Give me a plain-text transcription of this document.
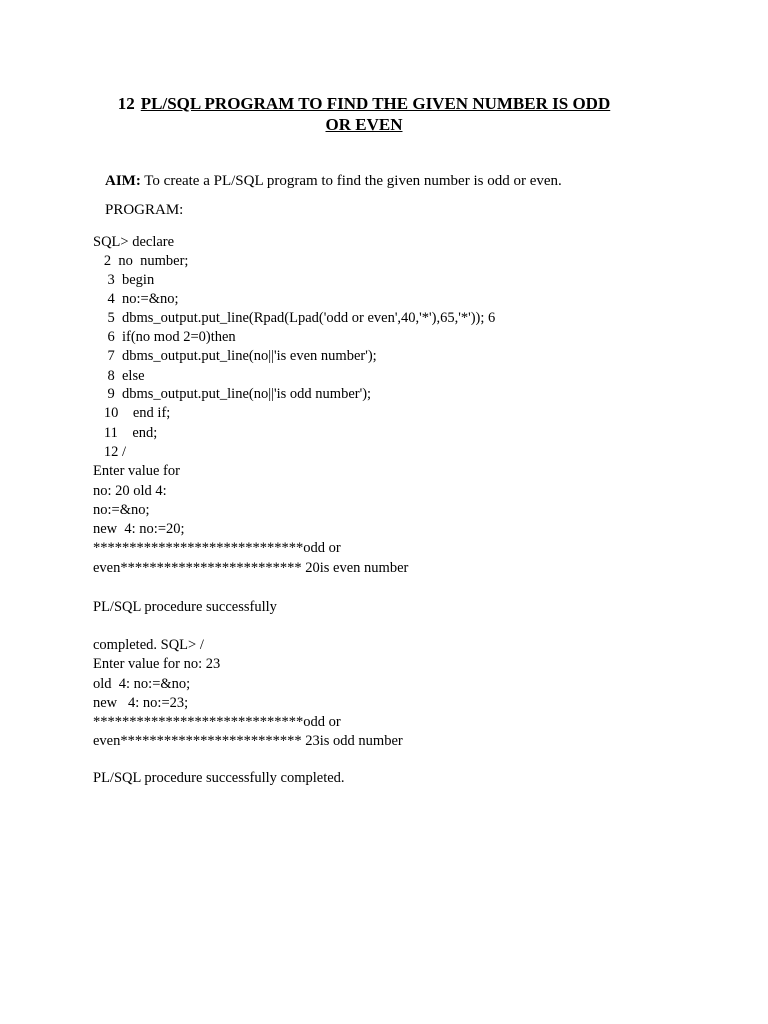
12 PL/SQL PROGRAM TO FIND THE GIVEN NUMBER IS ODD
OR EVEN
AIM: To create a PL/SQL program to find the given number is odd or even.
PROGRAM:
SQL> declare
2  no  number;
3  begin
4  no:=&no;
5  dbms_output.put_line(Rpad(Lpad('odd or even',40,'*'),65,'*')); 6
6  if(no mod 2=0)then
7  dbms_output.put_line(no||'is even number');
8  else
9  dbms_output.put_line(no||'is odd number');
10    end if;
11    end;
12 /
Enter value for
no: 20 old 4:
no:=&no;
new  4: no:=20;
*****************************odd or
even************************* 20is even number
PL/SQL procedure successfully
completed. SQL> /
Enter value for no: 23
old  4: no:=&no;
new   4: no:=23;
*****************************odd or
even************************* 23is odd number
PL/SQL procedure successfully completed.
